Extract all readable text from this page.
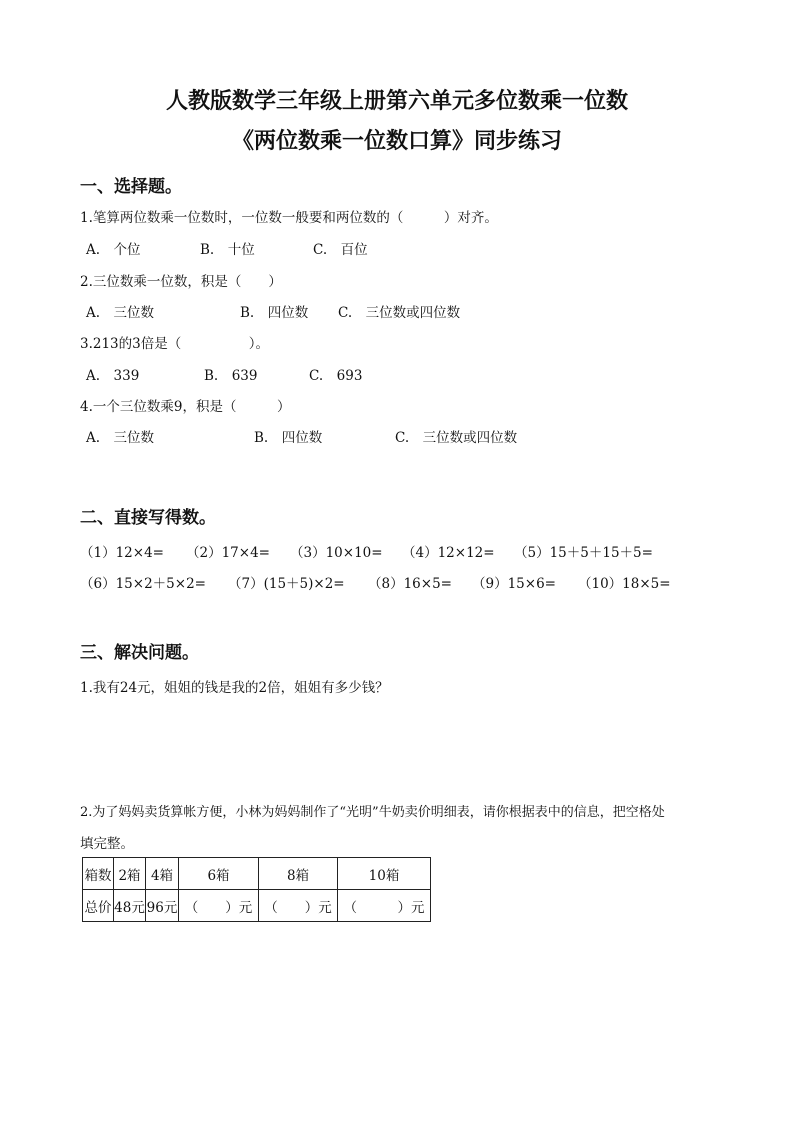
人教版数学三年级上册第六单元多位数乘一位数
《两位数乘一位数口算》同步练习
一、选择题。
1.笔算两位数乘一位数时，一位数一般要和两位数的（　　　）对齐。
A.　个位	B.　十位	C.　百位
2.三位数乘一位数，积是（　　）
A.　三位数	B.　四位数 C.　三位数或四位数
3.213的3倍是（　　　　　）。
A.　339	B.　639	C.　693
4.一个三位数乘9，积是（　　　）
A.　三位数	B.　四位数	C.　三位数或四位数
二、直接写得数。
（1）12×4= （2）17×4= （3）10×10= （4）12×12= （5）15＋5＋15＋5=
（6）15×2＋5×2= （7）(15＋5)×2= （8）16×5= （9）15×6= （10）18×5=
三、解决问题。
1.我有24元，姐姐的钱是我的2倍，姐姐有多少钱？
2.为了妈妈卖货算帐方便，小林为妈妈制作了“光明”牛奶卖价明细表，请你根据表中的信息，把空格处
填完整。
箱数	2箱	4箱	6箱	8箱	10箱
总价	48元	96元	（　　）元	（　　）元	（　　　）元
